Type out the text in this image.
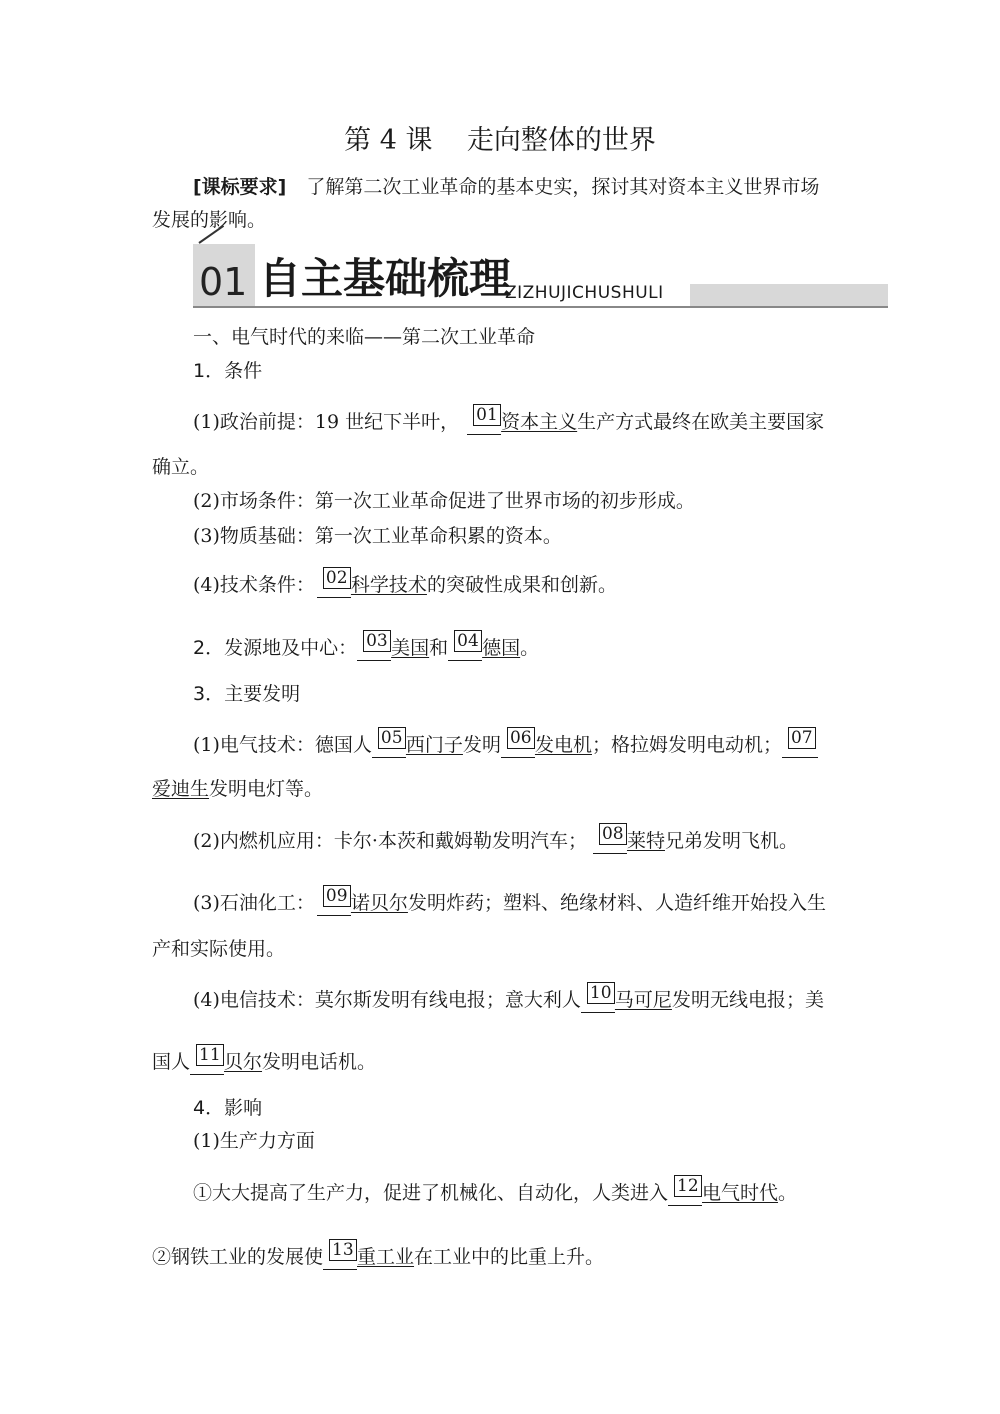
第 4 课    走向整体的世界
[课标要求] 了解第二次工业革命的基本史实，探讨其对资本主义世界市场
发展的影响。
01 自主基础梳理
ZIZHUJICHUSHULI
一、电气时代的来临——第二次工业革命
1．条件
(1)政治前提：19 世纪下半叶， 01 资本主义生产方式最终在欧美主要国家
确立。
(2)市场条件：第一次工业革命促进了世界市场的初步形成。
(3)物质基础：第一次工业革命积累的资本。
(4)技术条件： 02 科学技术的突破性成果和创新。
2．发源地及中心： 03 美国和 04 德国。
3．主要发明
(1)电气技术：德国人 05 西门子发明 06 发电机；格拉姆发明电动机； 07
爱迪生发明电灯等。
(2)内燃机应用：卡尔·本茨和戴姆勒发明汽车； 08 莱特兄弟发明飞机。
(3)石油化工： 09 诺贝尔发明炸药；塑料、绝缘材料、人造纤维开始投入生
产和实际使用。
(4)电信技术：莫尔斯发明有线电报；意大利人 10 马可尼发明无线电报；美
国人 11 贝尔发明电话机。
4．影响
(1)生产力方面
①大大提高了生产力，促进了机械化、自动化，人类进入 12 电气时代。
②钢铁工业的发展使 13 重工业在工业中的比重上升。
